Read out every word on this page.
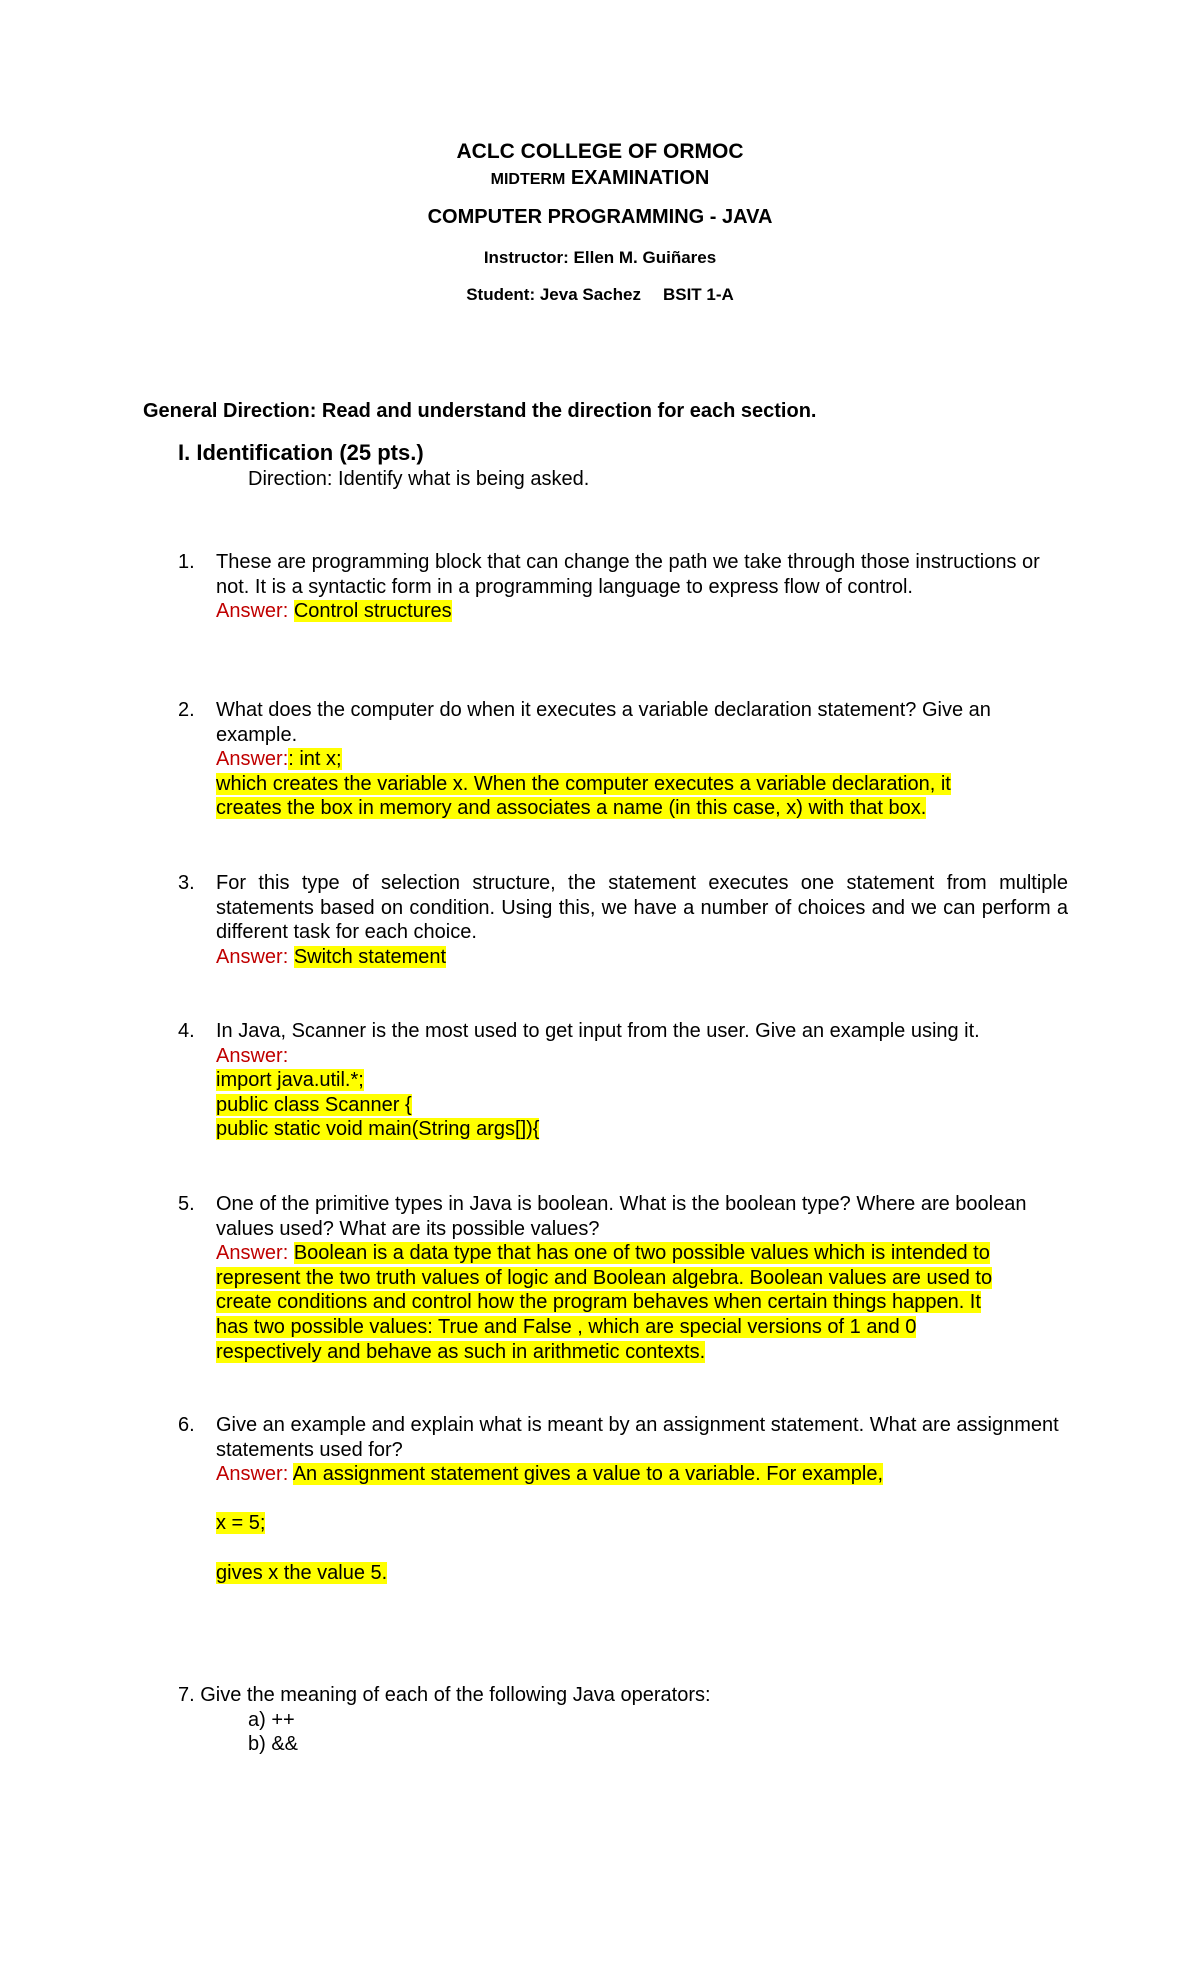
ACLC COLLEGE OF ORMOC
MIDTERM EXAMINATION
COMPUTER PROGRAMMING - JAVA
Instructor: Ellen M. Guiñares
Student: Jeva Sachez BSIT 1-A
General Direction: Read and understand the direction for each section.
I. Identification (25 pts.)
Direction: Identify what is being asked.
1. These are programming block that can change the path we take through those instructions or not. It is a syntactic form in a programming language to express flow of control.
Answer: Control structures
2. What does the computer do when it executes a variable declaration statement? Give an example.
Answer:: int x;
which creates the variable x. When the computer executes a variable declaration, it
creates the box in memory and associates a name (in this case, x) with that box.
3. For this type of selection structure, the statement executes one statement from multiple statements based on condition. Using this, we have a number of choices and we can perform a different task for each choice.
Answer: Switch statement
4. In Java, Scanner is the most used to get input from the user. Give an example using it.
Answer:
import java.util.*;
public class Scanner {
public static void main(String args[]){
5. One of the primitive types in Java is boolean. What is the boolean type? Where are boolean values used? What are its possible values?
Answer: Boolean is a data type that has one of two possible values which is intended to
represent the two truth values of logic and Boolean algebra. Boolean values are used to
create conditions and control how the program behaves when certain things happen. It
has two possible values: True and False , which are special versions of 1 and 0
respectively and behave as such in arithmetic contexts.
6. Give an example and explain what is meant by an assignment statement. What are assignment statements used for?
Answer: An assignment statement gives a value to a variable. For example,
x = 5;
gives x the value 5.
7. Give the meaning of each of the following Java operators:
a) ++
b) &&
